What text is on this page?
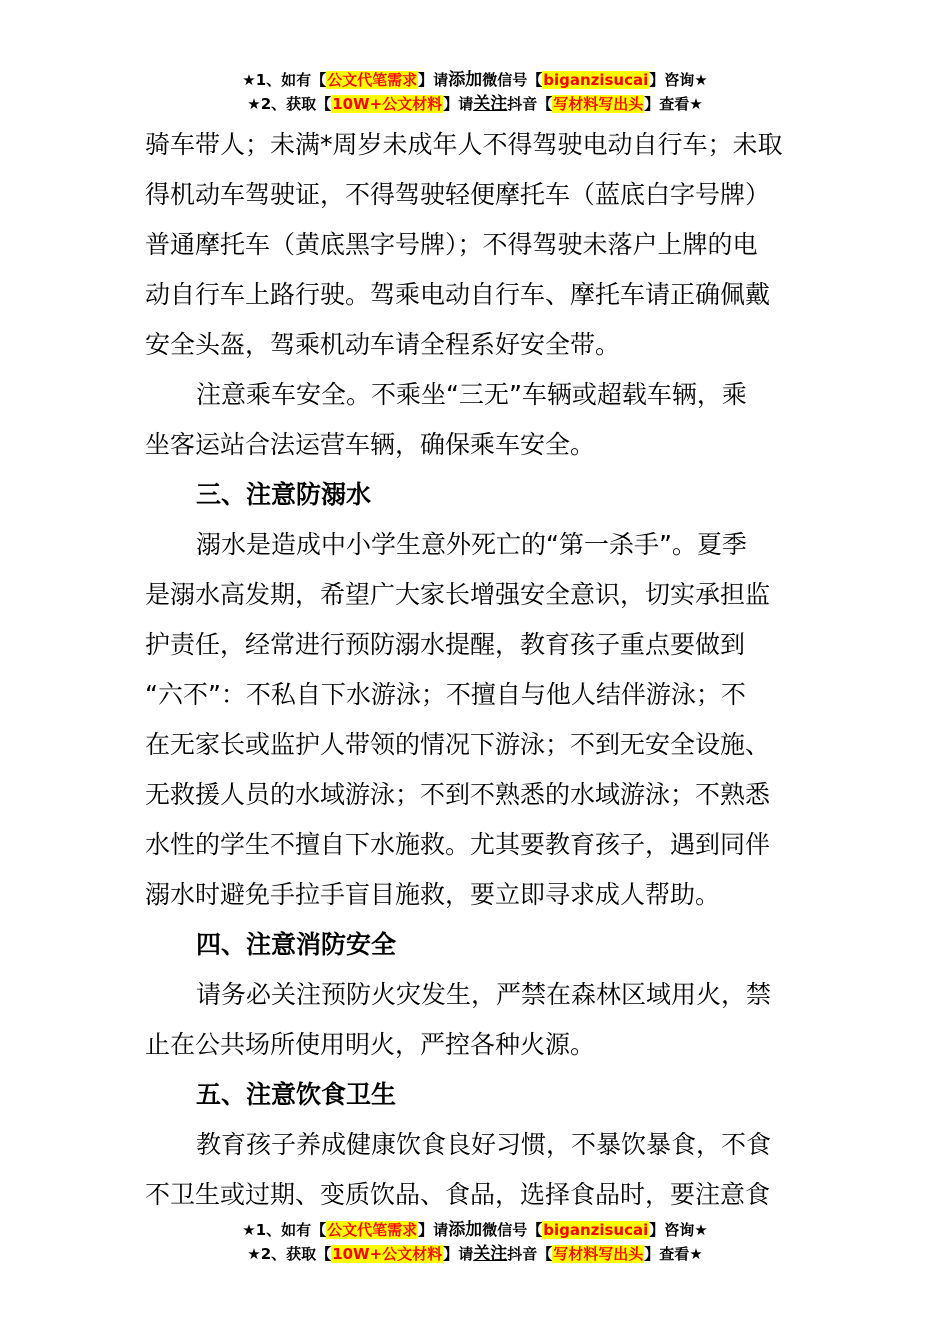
★1、如有【公文代笔需求】请添加微信号【biganzisucai】咨询★
★2、获取【10W+公文材料】请关注抖音【写材料写出头】查看★
骑车带人；未满*周岁未成年人不得驾驶电动自行车；未取
得机动车驾驶证，不得驾驶轻便摩托车（蓝底白字号牌）
普通摩托车（黄底黑字号牌）；不得驾驶未落户上牌的电
动自行车上路行驶。驾乘电动自行车、摩托车请正确佩戴
安全头盔，驾乘机动车请全程系好安全带。
注意乘车安全。不乘坐“三无”车辆或超载车辆，乘
坐客运站合法运营车辆，确保乘车安全。
三、注意防溺水
溺水是造成中小学生意外死亡的“第一杀手”。夏季
是溺水高发期，希望广大家长增强安全意识，切实承担监
护责任，经常进行预防溺水提醒，教育孩子重点要做到
“六不”：不私自下水游泳；不擅自与他人结伴游泳；不
在无家长或监护人带领的情况下游泳；不到无安全设施、
无救援人员的水域游泳；不到不熟悉的水域游泳；不熟悉
水性的学生不擅自下水施救。尤其要教育孩子，遇到同伴
溺水时避免手拉手盲目施救，要立即寻求成人帮助。
四、注意消防安全
请务必关注预防火灾发生，严禁在森林区域用火，禁
止在公共场所使用明火，严控各种火源。
五、注意饮食卫生
教育孩子养成健康饮食良好习惯，不暴饮暴食，不食
不卫生或过期、变质饮品、食品，选择食品时，要注意食
★1、如有【公文代笔需求】请添加微信号【biganzisucai】咨询★
★2、获取【10W+公文材料】请关注抖音【写材料写出头】查看★
